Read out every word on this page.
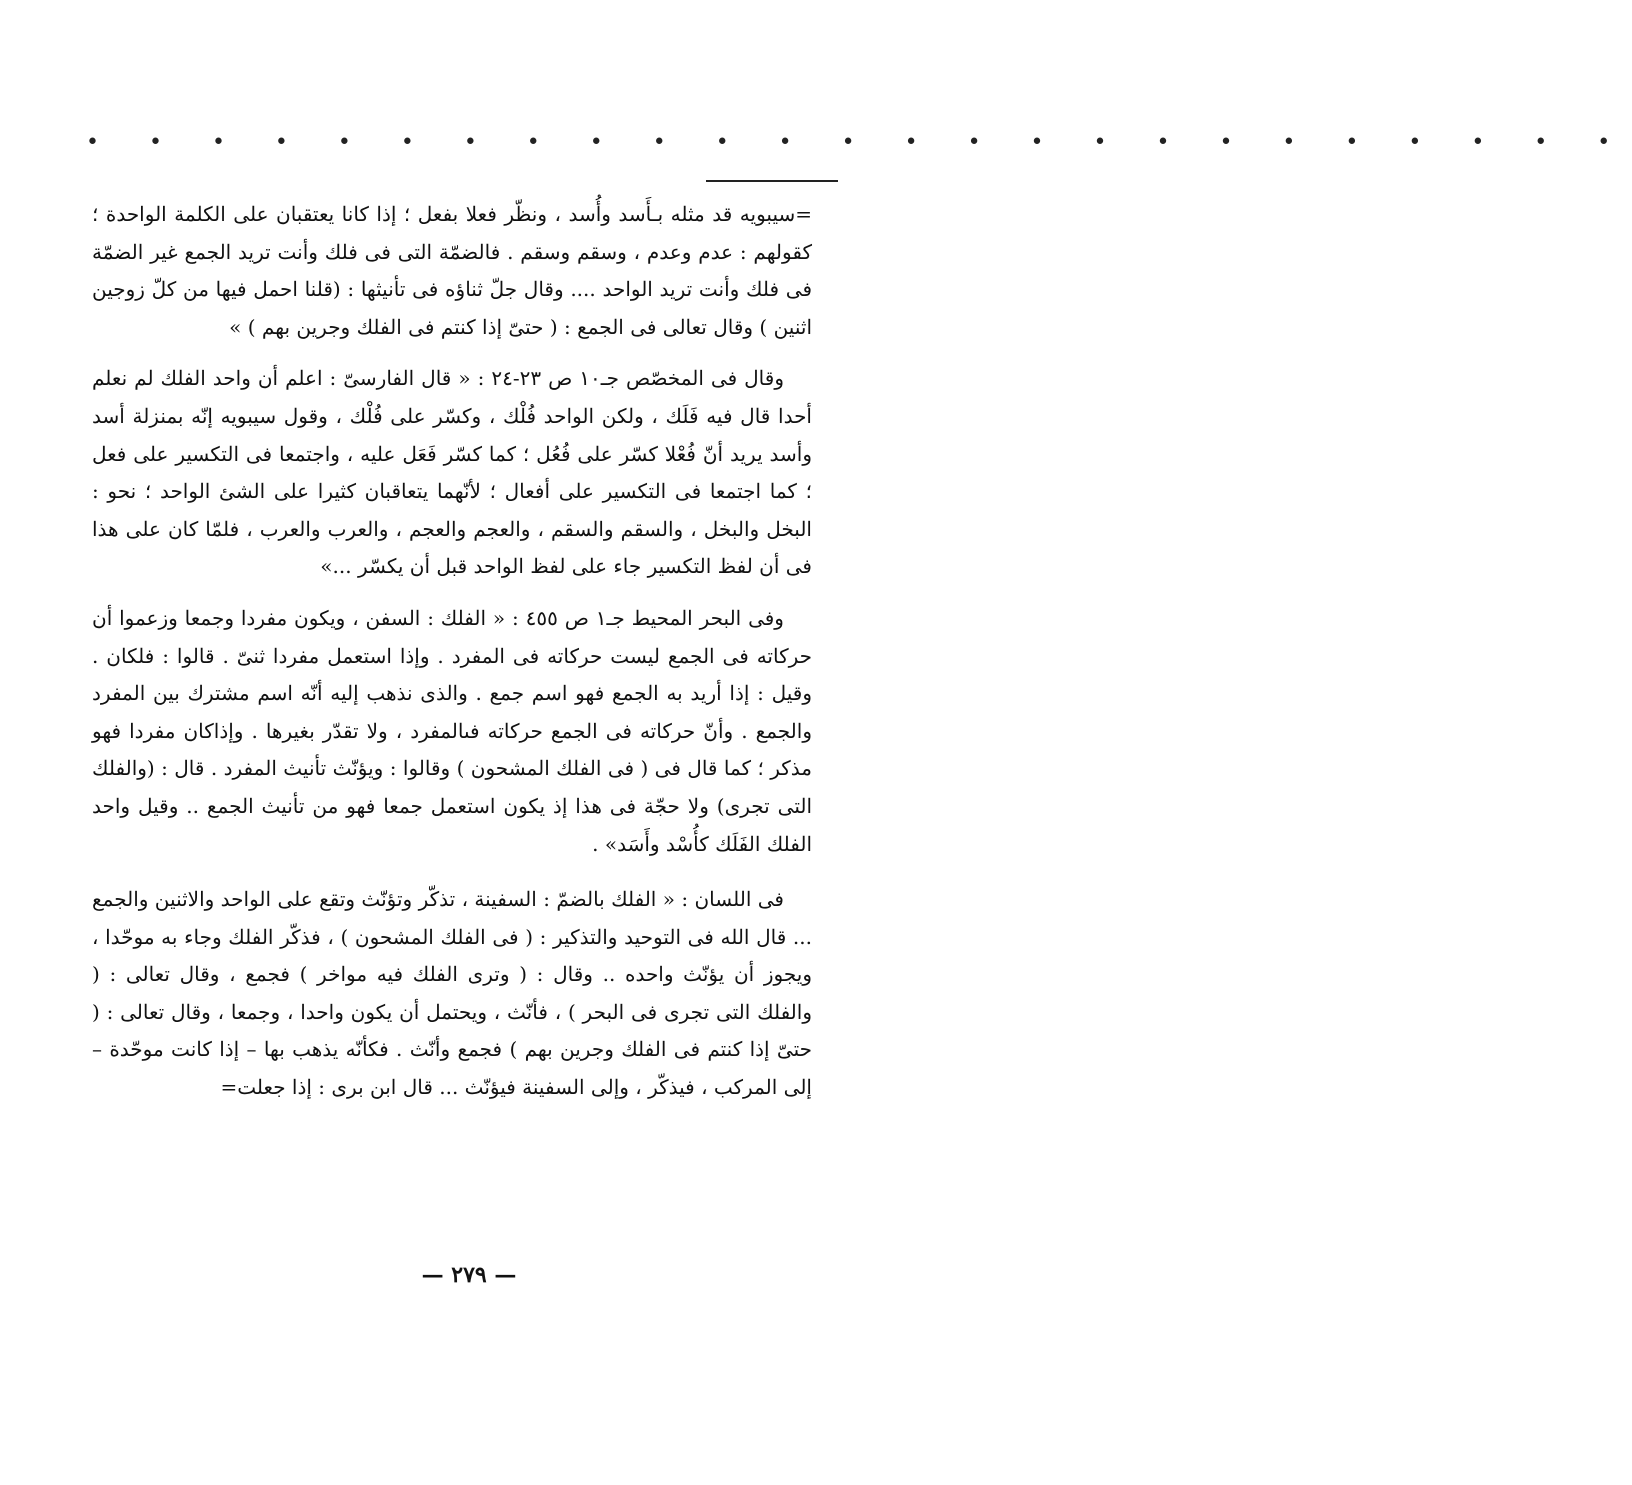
• • • • • • • • • • • • • • • • • • • • • • • • •

=سيبويه قد مثله بـأَسد وأُسد ، ونظّر فعلا بفعل ؛ إذا كانا يعتقبان على الكلمة الواحدة ؛ كقولهم : عدم وعدم ، وسقم وسقم . فالضمّة التى فى فلك وأنت تريد الجمع غير الضمّة فى فلك وأنت تريد الواحد .... وقال جلّ ثناؤه فى تأنيثها : (قلنا احمل فيها من كلّ زوجين اثنين ) وقال تعالى فى الجمع : ( حتىّ إذا كنتم فى الفلك وجرين بهم ) »

وقال فى المخصّص جـ١٠ ص ٢٣-٢٤ : « قال الفارسىّ : اعلم أن واحد الفلك لم نعلم أحدا قال فيه فَلَك ، ولكن الواحد فُلْك ، وكسّر على فُلْك ، وقول سيبويه إنّه بمنزلة أسد وأسد يريد أنّ فُعْلا كسّر على فُعُل ؛ كما كسّر فَعَل عليه ، واجتمعا فى التكسير على فعل ؛ كما اجتمعا فى التكسير على أفعال ؛ لأنّهما يتعاقبان كثيرا على الشئ الواحد ؛ نحو : البخل والبخل ، والسقم والسقم ، والعجم والعجم ، والعرب والعرب ، فلمّا كان على هذا فى أن لفظ التكسير جاء على لفظ الواحد قبل أن يكسّر ...»

وفى البحر المحيط جـ١ ص ٤٥٥ : « الفلك : السفن ، ويكون مفردا وجمعا وزعموا أن حركاته فى الجمع ليست حركاته فى المفرد . وإذا استعمل مفردا ثنىّ . قالوا : فلكان . وقيل : إذا أريد به الجمع فهو اسم جمع . والذى نذهب إليه أنّه اسم مشترك بين المفرد والجمع . وأنّ حركاته فى الجمع حركاته فىالمفرد ، ولا تقدّر بغيرها . وإذاكان مفردا فهو مذكر ؛ كما قال فى ( فى الفلك المشحون ) وقالوا : ويؤنّث تأنيث المفرد . قال : (والفلك التى تجرى) ولا حجّة فى هذا إذ يكون استعمل جمعا فهو من تأنيث الجمع .. وقيل واحد الفلك الفَلَك كأُسْد وأَسَد» .

فى اللسان : « الفلك بالضمّ : السفينة ، تذكّر وتؤنّث وتقع على الواحد والاثنين والجمع ... قال الله فى التوحيد والتذكير : ( فى الفلك المشحون ) ، فذكّر الفلك وجاء به موحّدا ، ويجوز أن يؤنّث واحده .. وقال : ( وترى الفلك فيه مواخر ) فجمع ، وقال تعالى : ( والفلك التى تجرى فى البحر ) ، فأنّث ، ويحتمل أن يكون واحدا ، وجمعا ، وقال تعالى : ( حتىّ إذا كنتم فى الفلك وجرين بهم ) فجمع وأنّث . فكأنّه يذهب بها – إذا كانت موحّدة – إلى المركب ، فيذكّر ، وإلى السفينة فيؤنّث ... قال ابن برى : إذا جعلت=

— ٢٧٩ —
